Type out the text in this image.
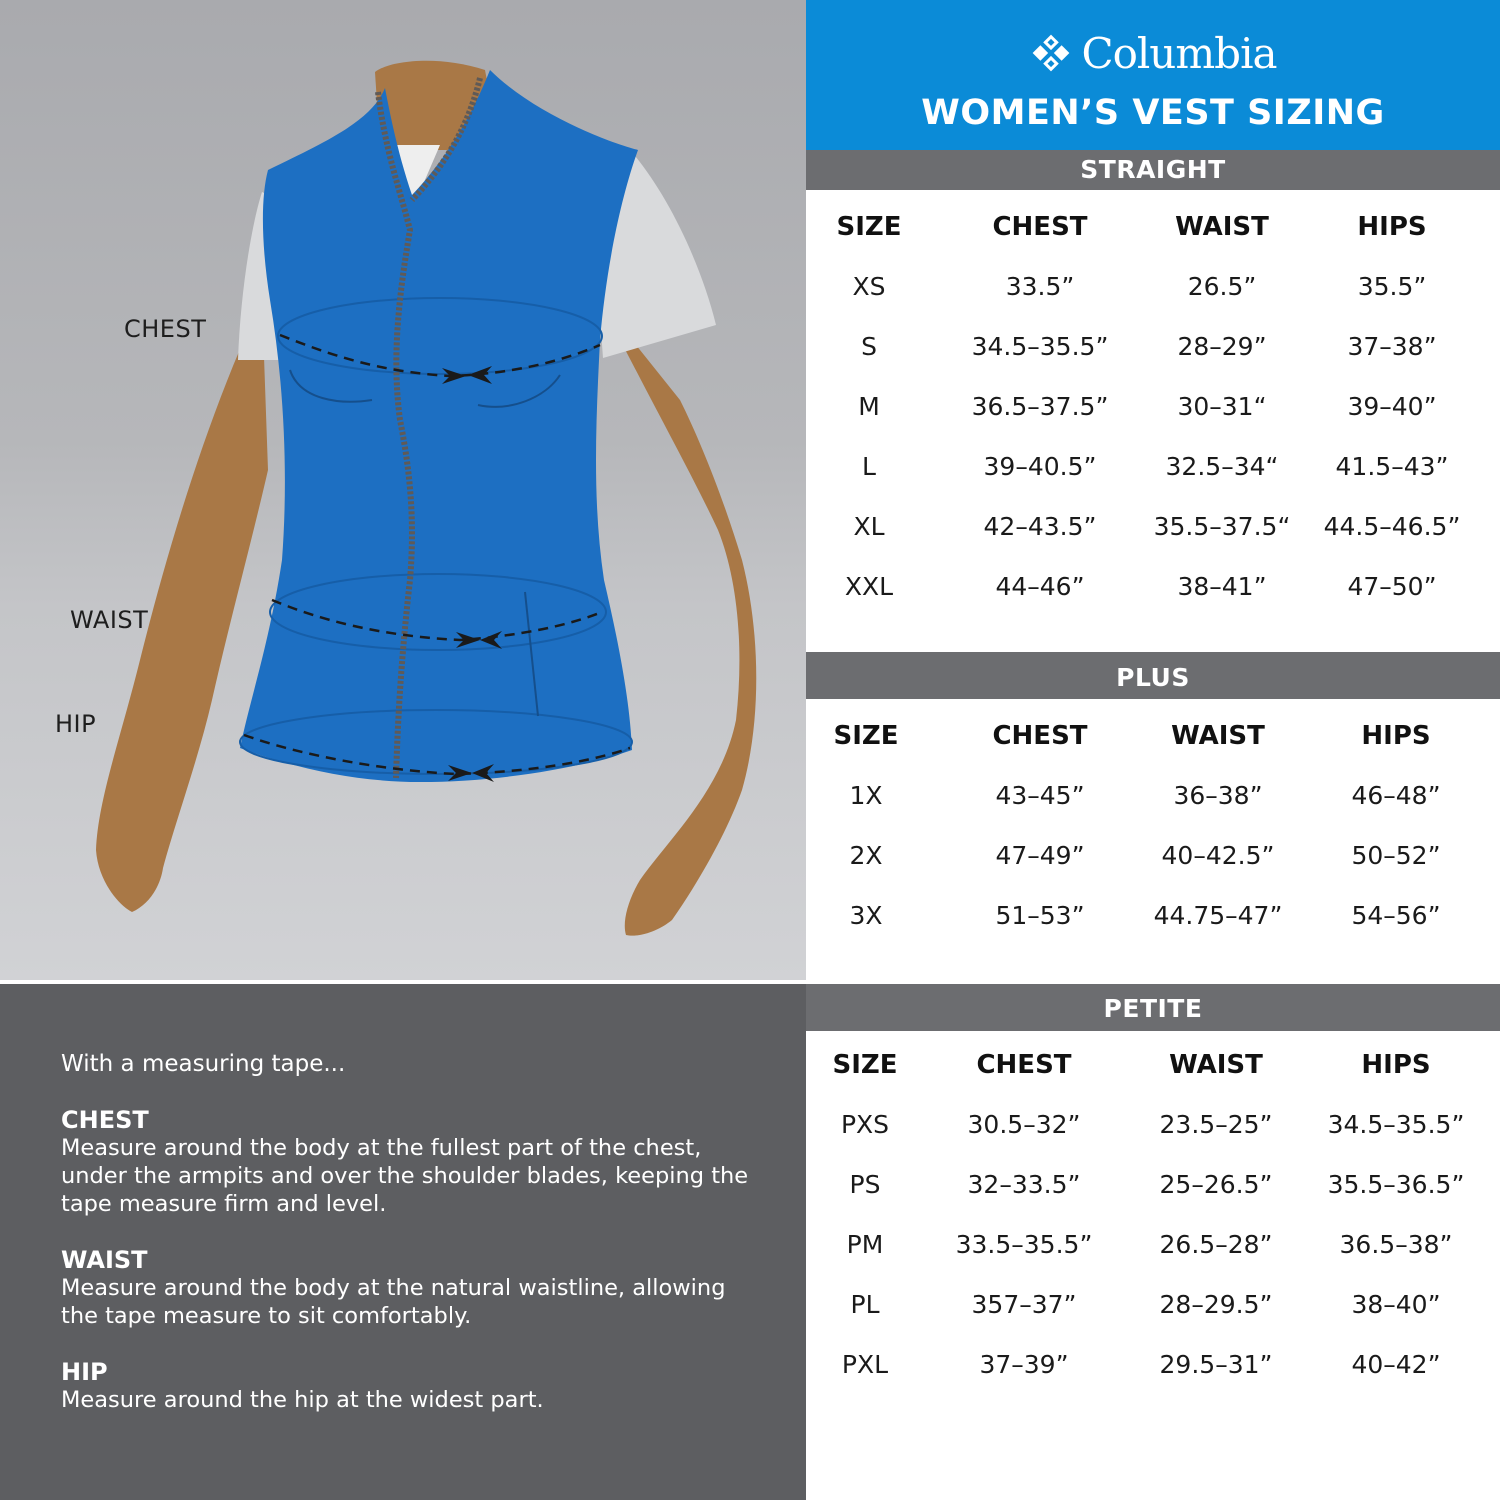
CHEST
WAIST
HIP
With a measuring tape...
CHEST
Measure around the body at the fullest part of the chest, under the armpits and over the shoulder blades, keeping the tape measure firm and level.
WAIST
Measure around the body at the natural waistline, allowing the tape measure to sit comfortably.
HIP
Measure around the hip at the widest part.
Columbia
WOMEN’S VEST SIZING
STRAIGHT
SIZE	CHEST	WAIST	HIPS
XS	33.5”	26.5”	35.5”
S	34.5–35.5”	28–29”	37–38”
M	36.5–37.5”	30–31“	39–40”
L	39–40.5”	32.5–34“ 41.5–43”
XL	42–43.5” 35.5–37.5“ 44.5–46.5”
XXL	44–46”	38–41”	47–50”
PLUS
SIZE	CHEST	WAIST	HIPS
1X	43–45”	36–38”	46–48”
2X	47–49”	40–42.5”	50–52”
3X	51–53”	44.75–47”	54–56”
PETITE
SIZE	CHEST	WAIST	HIPS
PXS	30.5–32”	23.5–25” 34.5–35.5”
PS	32–33.5”	25–26.5” 35.5–36.5”
PM	33.5–35.5”	26.5–28”	36.5–38”
PL	357–37”	28–29.5”	38–40”
PXL	37–39”	29.5–31”	40–42”
